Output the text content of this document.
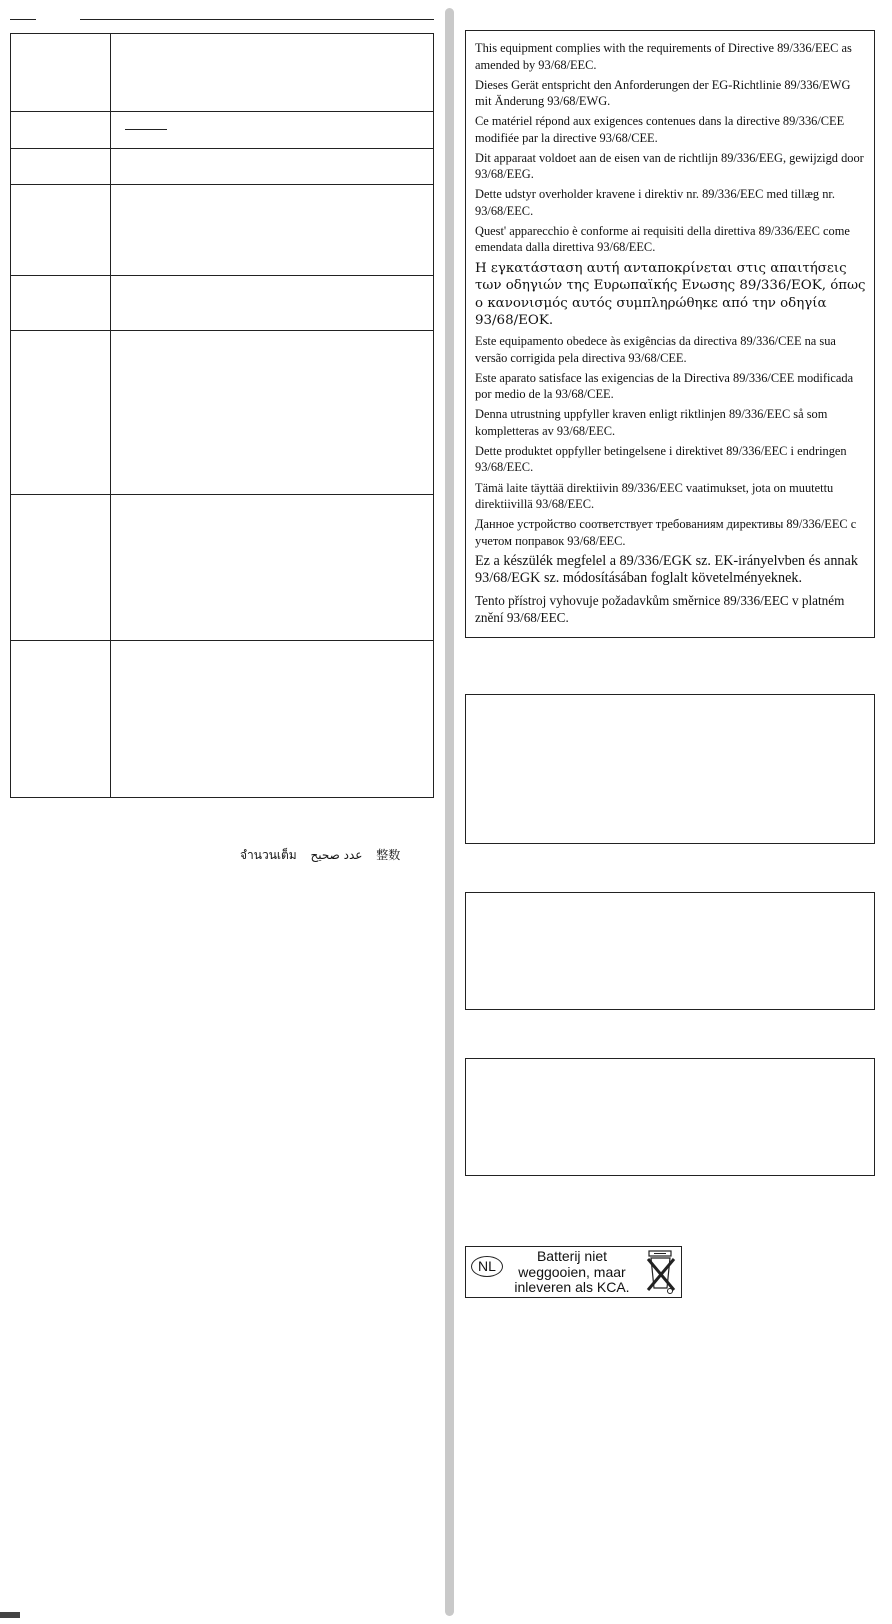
จำนวนเต็ม عدد صحيح 整数

This equipment complies with the requirements of Directive 89/336/EEC as amended by 93/68/EEC.

Dieses Gerät entspricht den Anforderungen der EG-Richtlinie 89/336/EWG mit Änderung 93/68/EWG.

Ce matériel répond aux exigences contenues dans la directive 89/336/CEE modifiée par la directive 93/68/CEE.

Dit apparaat voldoet aan de eisen van de richtlijn 89/336/EEG, gewijzigd door 93/68/EEG.

Dette udstyr overholder kravene i direktiv nr. 89/336/EEC med tillæg nr. 93/68/EEC.

Quest' apparecchio è conforme ai requisiti della direttiva 89/336/EEC come emendata dalla direttiva 93/68/EEC.

Η εγκατάσταση αυτή ανταποκρίνεται στις απαιτήσεις των οδηγιών της Ευρωπαϊκής Ενωσης 89/336/ΕΟΚ, όπως ο κανονισμός αυτός συμπληρώθηκε από την οδηγία 93/68/ΕΟΚ.

Este equipamento obedece às exigências da directiva 89/336/CEE na sua versão corrigida pela directiva 93/68/CEE.

Este aparato satisface las exigencias de la Directiva 89/336/CEE modificada por medio de la 93/68/CEE.

Denna utrustning uppfyller kraven enligt riktlinjen 89/336/EEC så som kompletteras av 93/68/EEC.

Dette produktet oppfyller betingelsene i direktivet 89/336/EEC i endringen 93/68/EEC.

Tämä laite täyttää direktiivin 89/336/EEC vaatimukset, jota on muutettu direktiivillä 93/68/EEC.

Данное устройство соответствует требованиям директивы 89/336/EEC с учетом поправок 93/68/EEC.

Ez a készülék megfelel a 89/336/EGK sz. EK-irányelvben és annak 93/68/EGK sz. módosításában foglalt követelményeknek.

Tento přístroj vyhovuje požadavkům směrnice 89/336/EEC v platném znění 93/68/EEC.

NL
Batterij niet
weggooien, maar
inleveren als KCA.
